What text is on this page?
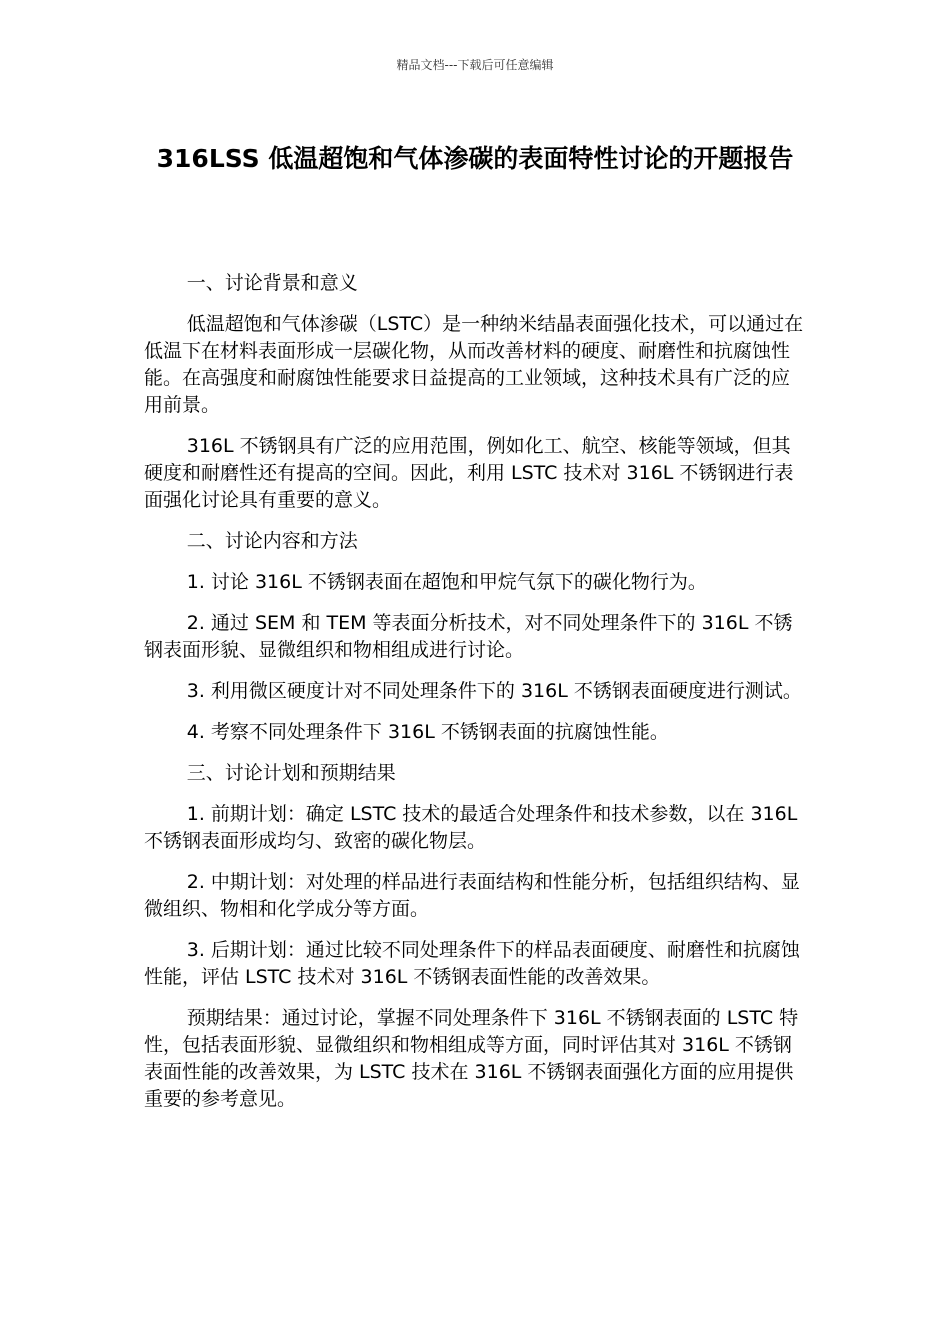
精品文档---下载后可任意编辑
316LSS 低温超饱和气体渗碳的表面特性讨论的开题报告

一、讨论背景和意义

低温超饱和气体渗碳（LSTC）是一种纳米结晶表面强化技术，可以通过在低温下在材料表面形成一层碳化物，从而改善材料的硬度、耐磨性和抗腐蚀性能。在高强度和耐腐蚀性能要求日益提高的工业领域，这种技术具有广泛的应用前景。

316L 不锈钢具有广泛的应用范围，例如化工、航空、核能等领域，但其硬度和耐磨性还有提高的空间。因此，利用 LSTC 技术对 316L 不锈钢进行表面强化讨论具有重要的意义。

二、讨论内容和方法

1. 讨论 316L 不锈钢表面在超饱和甲烷气氛下的碳化物行为。

2. 通过 SEM 和 TEM 等表面分析技术，对不同处理条件下的 316L 不锈钢表面形貌、显微组织和物相组成进行讨论。

3. 利用微区硬度计对不同处理条件下的 316L 不锈钢表面硬度进行测试。

4. 考察不同处理条件下 316L 不锈钢表面的抗腐蚀性能。

三、讨论计划和预期结果

1. 前期计划：确定 LSTC 技术的最适合处理条件和技术参数，以在 316L 不锈钢表面形成均匀、致密的碳化物层。

2. 中期计划：对处理的样品进行表面结构和性能分析，包括组织结构、显微组织、物相和化学成分等方面。

3. 后期计划：通过比较不同处理条件下的样品表面硬度、耐磨性和抗腐蚀性能，评估 LSTC 技术对 316L 不锈钢表面性能的改善效果。

预期结果：通过讨论，掌握不同处理条件下 316L 不锈钢表面的 LSTC 特性，包括表面形貌、显微组织和物相组成等方面，同时评估其对 316L 不锈钢表面性能的改善效果，为 LSTC 技术在 316L 不锈钢表面强化方面的应用提供重要的参考意见。
